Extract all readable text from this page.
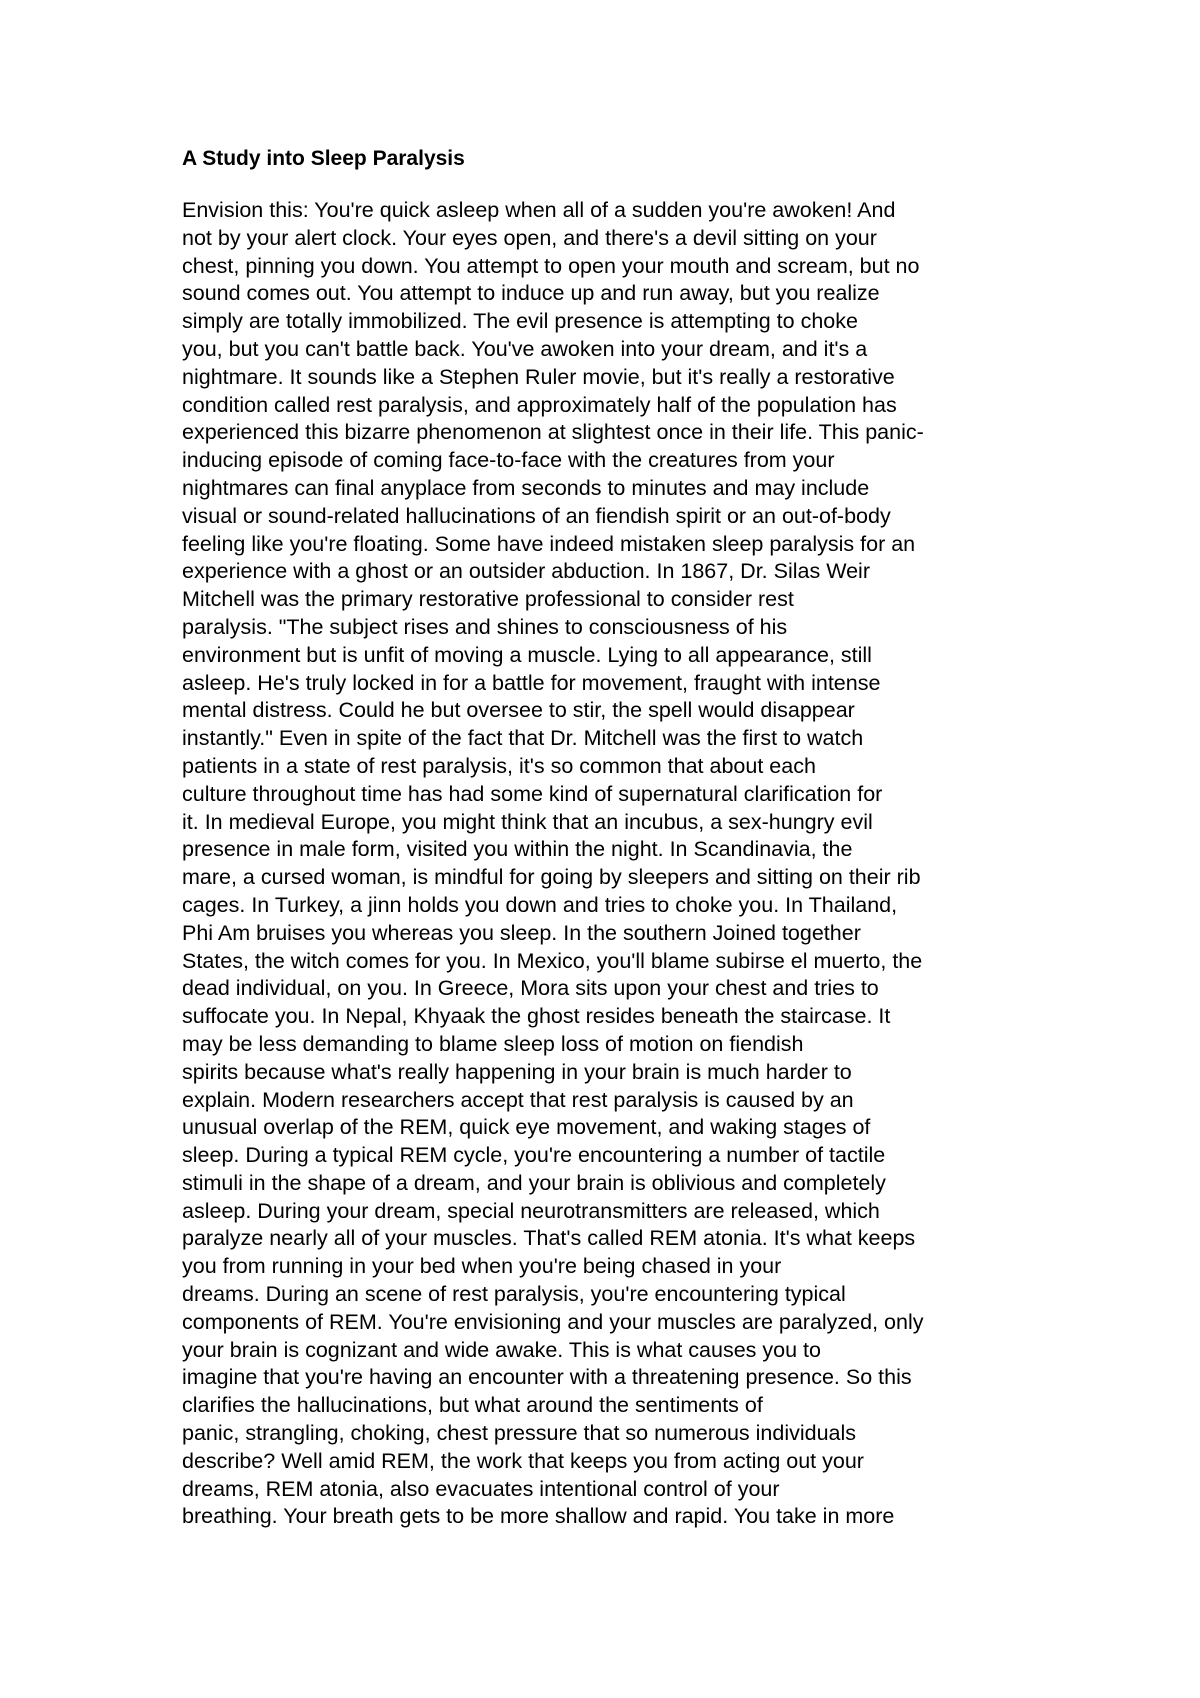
A Study into Sleep Paralysis
Envision this: You're quick asleep when all of a sudden you're awoken! And
not by your alert clock. Your eyes open, and there's a devil sitting on your
chest, pinning you down. You attempt to open your mouth and scream, but no
sound comes out. You attempt to induce up and run away, but you realize
simply are totally immobilized. The evil presence is attempting to choke
you, but you can't battle back. You've awoken into your dream, and it's a
nightmare. It sounds like a Stephen Ruler movie, but it's really a restorative
condition called rest paralysis, and approximately half of the population has
experienced this bizarre phenomenon at slightest once in their life. This panic-
inducing episode of coming face-to-face with the creatures from your
nightmares can final anyplace from seconds to minutes and may include
visual or sound-related hallucinations of an fiendish spirit or an out-of-body
feeling like you're floating. Some have indeed mistaken sleep paralysis for an
experience with a ghost or an outsider abduction. In 1867, Dr. Silas Weir
Mitchell was the primary restorative professional to consider rest
paralysis. "The subject rises and shines to consciousness of his
environment but is unfit of moving a muscle. Lying to all appearance, still
asleep. He's truly locked in for a battle for movement, fraught with intense
mental distress. Could he but oversee to stir, the spell would disappear
instantly." Even in spite of the fact that Dr. Mitchell was the first to watch
patients in a state of rest paralysis, it's so common that about each
culture throughout time has had some kind of supernatural clarification for
it. In medieval Europe, you might think that an incubus, a sex-hungry evil
presence in male form, visited you within the night. In Scandinavia, the
mare, a cursed woman, is mindful for going by sleepers and sitting on their rib
cages. In Turkey, a jinn holds you down and tries to choke you. In Thailand,
Phi Am bruises you whereas you sleep. In the southern Joined together
States, the witch comes for you. In Mexico, you'll blame subirse el muerto, the
dead individual, on you. In Greece, Mora sits upon your chest and tries to
suffocate you. In Nepal, Khyaak the ghost resides beneath the staircase. It
may be less demanding to blame sleep loss of motion on fiendish
spirits because what's really happening in your brain is much harder to
explain. Modern researchers accept that rest paralysis is caused by an
unusual overlap of the REM, quick eye movement, and waking stages of
sleep. During a typical REM cycle, you're encountering a number of tactile
stimuli in the shape of a dream, and your brain is oblivious and completely
asleep. During your dream, special neurotransmitters are released, which
paralyze nearly all of your muscles. That's called REM atonia. It's what keeps
you from running in your bed when you're being chased in your
dreams. During an scene of rest paralysis, you're encountering typical
components of REM. You're envisioning and your muscles are paralyzed, only
your brain is cognizant and wide awake. This is what causes you to
imagine that you're having an encounter with a threatening presence. So this
clarifies the hallucinations, but what around the sentiments of
panic, strangling, choking, chest pressure that so numerous individuals
describe? Well amid REM, the work that keeps you from acting out your
dreams, REM atonia, also evacuates intentional control of your
breathing. Your breath gets to be more shallow and rapid. You take in more
